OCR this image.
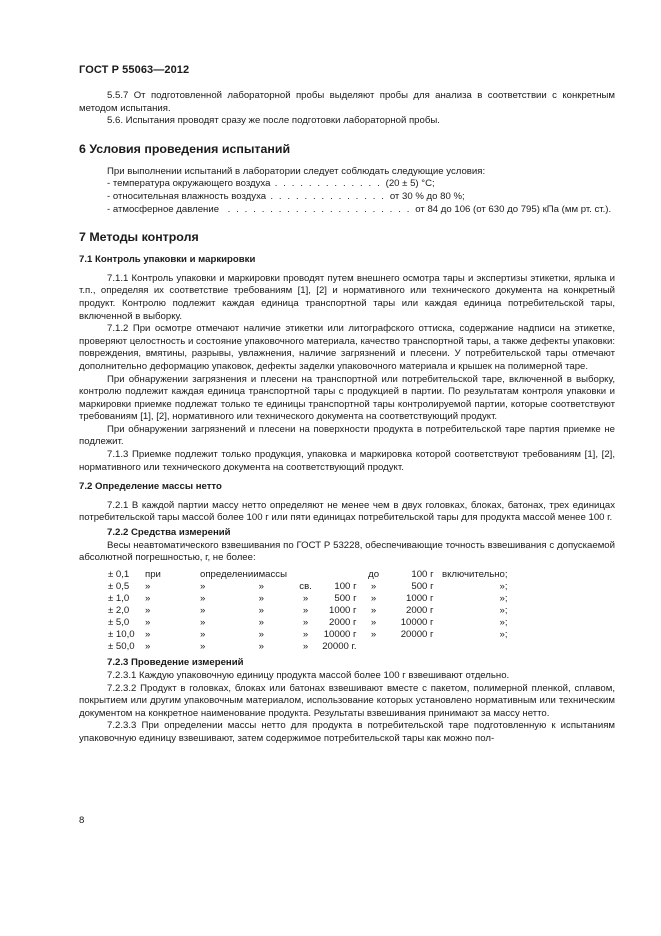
ГОСТ Р 55063—2012

5.5.7 От подготовленной лабораторной пробы выделяют пробы для анализа в соответствии с конкретным методом испытания.

5.6. Испытания проводят сразу же после подготовки лабораторной пробы.

6 Условия проведения испытаний

При выполнении испытаний в лаборатории следует соблюдать следующие условия:

- температура окружающего воздуха . . . . . . . . . . . . . (20 ± 5) °С;
- относительная влажность воздуха . . . . . . . . . . . . . . от 30 % до 80 %;
- атмосферное давление . . . . . . . . . . . . . . . . . . . . . . от 84 до 106 (от 630 до 795) кПа (мм рт. ст.).
7 Методы контроля
7.1 Контроль упаковки и маркировки

7.1.1 Контроль упаковки и маркировки проводят путем внешнего осмотра тары и экспертизы этикетки, ярлыка и т.п., определяя их соответствие требованиям [1], [2] и нормативного или технического документа на конкретный продукт. Контролю подлежит каждая единица транспортной тары или каждая единица потребительской тары, включенной в выборку.

7.1.2 При осмотре отмечают наличие этикетки или литографского оттиска, содержание надписи на этикетке, проверяют целостность и состояние упаковочного материала, качество транспортной тары, а также дефекты упаковки: повреждения, вмятины, разрывы, увлажнения, наличие загрязнений и плесени. У потребительской тары отмечают дополнительно деформацию упаковок, дефекты заделки упаковочного материала и крышек на полимерной таре.

При обнаружении загрязнения и плесени на транспортной или потребительской таре, включенной в выборку, контролю подлежит каждая единица транспортной тары с продукцией в партии. По результатам контроля упаковки и маркировки приемке подлежат только те единицы транспортной тары контролируемой партии, которые соответствуют требованиям [1], [2], нормативного или технического документа на соответствующий продукт.

При обнаружении загрязнений и плесени на поверхности продукта в потребительской таре партия приемке не подлежит.

7.1.3 Приемке подлежит только продукция, упаковка и маркировка которой соответствуют требованиям [1], [2], нормативного или технического документа на соответствующий продукт.

7.2 Определение массы нетто

7.2.1 В каждой партии массу нетто определяют не менее чем в двух головках, блоках, батонах, трех единицах потребительской тары массой более 100 г или пяти единицах потребительской тары для продукта массой менее 100 г.

7.2.2 Средства измерений

Весы неавтоматического взвешивания по ГОСТ Р 53228, обеспечивающие точность взвешивания с допускаемой абсолютной погрешностью, г, не более:

± 0,1	при	определении	массы			до	100 г	включительно;
± 0,5	»	»	»	св.	100 г	»	500 г	»;
± 1,0	»	»	»	»	500 г	»	1000 г	»;
± 2,0	»	»	»	»	1000 г	»	2000 г	»;
± 5,0	»	»	»	»	2000 г	»	10000 г	»;
± 10,0	»	»	»	»	10000 г	»	20000 г	»;
± 50,0	»	»	»	»	20000 г.			
7.2.3 Проведение измерений

7.2.3.1 Каждую упаковочную единицу продукта массой более 100 г взвешивают отдельно.

7.2.3.2 Продукт в головках, блоках или батонах взвешивают вместе с пакетом, полимерной пленкой, сплавом, покрытием или другим упаковочным материалом, использование которых установлено нормативным или техническим документом на конкретное наименование продукта. Результаты взвешивания принимают за массу нетто.

7.2.3.3 При определении массы нетто для продукта в потребительской таре подготовленную к испытаниям упаковочную единицу взвешивают, затем содержимое потребительской тары как можно пол-

8
